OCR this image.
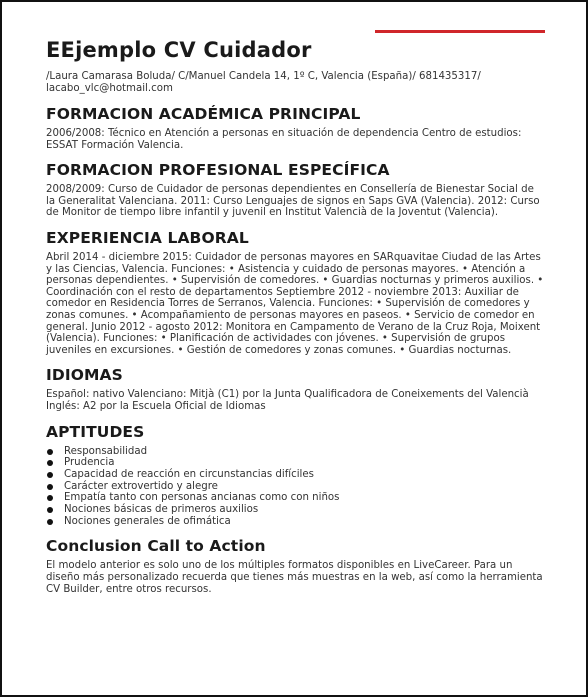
EEjemplo CV Cuidador
/Laura Camarasa Boluda/ C/Manuel Candela 14, 1º C, Valencia (España)/ 681435317/ lacabo_vlc@hotmail.com
FORMACION ACADÉMICA PRINCIPAL

2006/2008: Técnico en Atención a personas en situación de dependencia Centro de estudios: ESSAT Formación Valencia.

FORMACION PROFESIONAL ESPECÍFICA

2008/2009: Curso de Cuidador de personas dependientes en Consellería de Bienestar Social de la Generalitat Valenciana. 2011: Curso Lenguajes de signos en Saps GVA (Valencia). 2012: Curso de Monitor de tiempo libre infantil y juvenil en Institut Valencià de la Joventut (Valencia).

EXPERIENCIA LABORAL

Abril 2014 - diciembre 2015: Cuidador de personas mayores en SARquavitae Ciudad de las Artes y las Ciencias, Valencia. Funciones: • Asistencia y cuidado de personas mayores. • Atención a personas dependientes. • Supervisión de comedores. • Guardias nocturnas y primeros auxilios. • Coordinación con el resto de departamentos Septiembre 2012 - noviembre 2013: Auxiliar de comedor en Residencia Torres de Serranos, Valencia. Funciones: • Supervisión de comedores y zonas comunes. • Acompañamiento de personas mayores en paseos. • Servicio de comedor en general. Junio 2012 - agosto 2012: Monitora en Campamento de Verano de la Cruz Roja, Moixent (Valencia). Funciones: • Planificación de actividades con jóvenes. • Supervisión de grupos juveniles en excursiones. • Gestión de comedores y zonas comunes. • Guardias nocturnas.

IDIOMAS

Español: nativo Valenciano: Mitjà (C1) por la Junta Qualificadora de Coneixements del Valencià Inglés: A2 por la Escuela Oficial de Idiomas

APTITUDES
Responsabilidad
Prudencia
Capacidad de reacción en circunstancias difíciles
Carácter extrovertido y alegre
Empatía tanto con personas ancianas como con niños
Nociones básicas de primeros auxilios
Nociones generales de ofimática
Conclusion Call to Action

El modelo anterior es solo uno de los múltiples formatos disponibles en LiveCareer. Para un diseño más personalizado recuerda que tienes más muestras en la web, así como la herramienta CV Builder, entre otros recursos.
